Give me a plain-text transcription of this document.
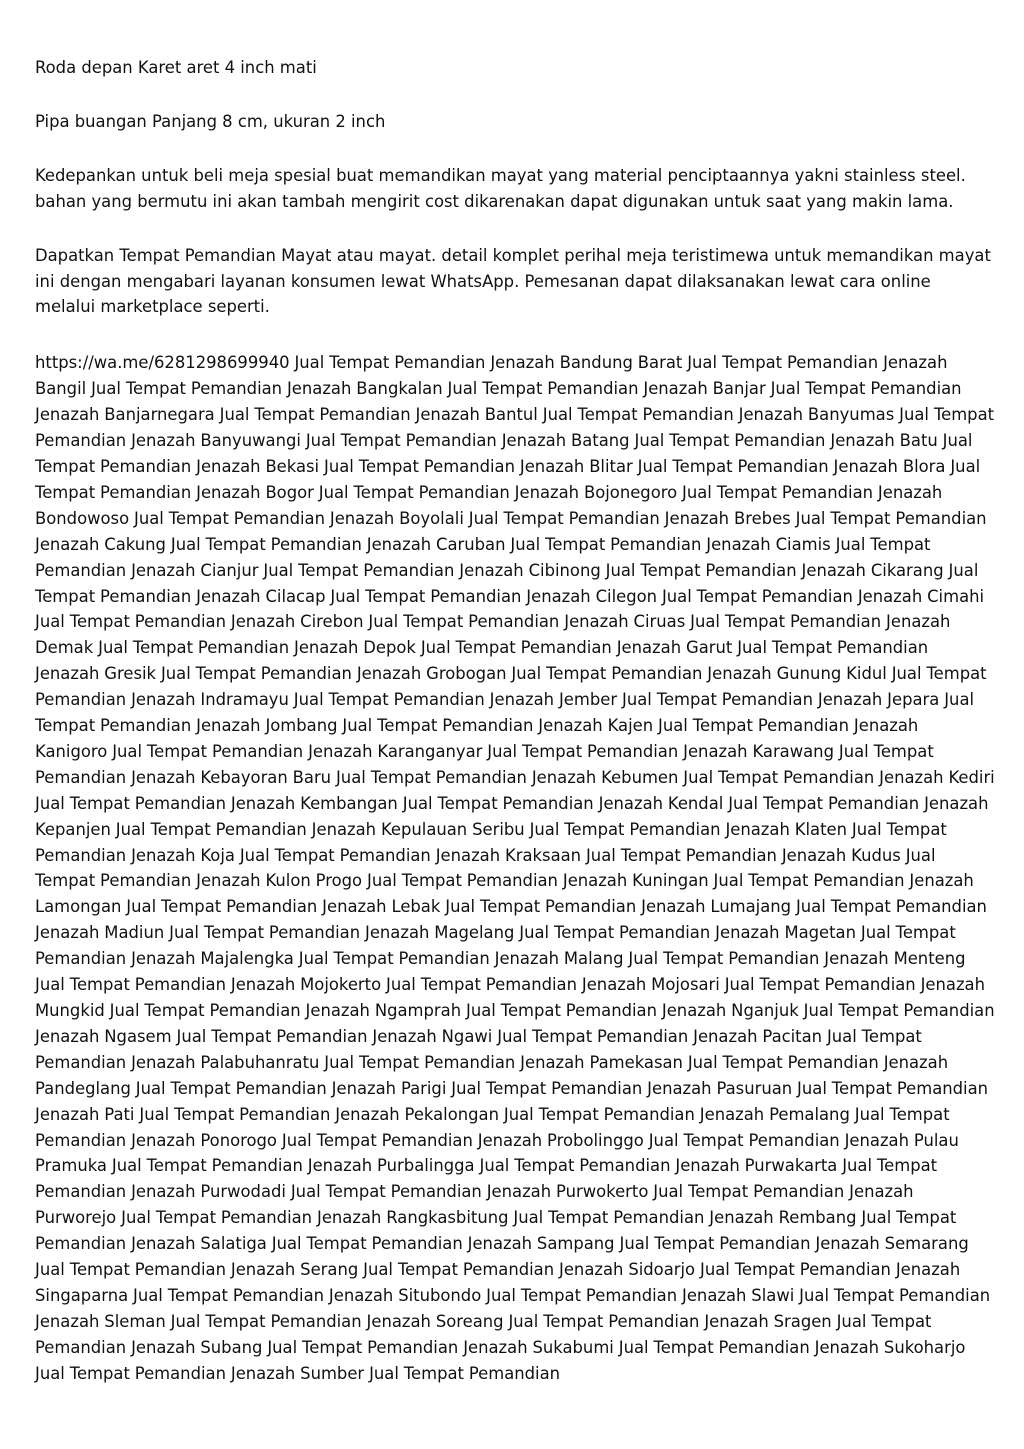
Roda depan Karet aret 4 inch mati

Pipa buangan Panjang 8 cm, ukuran 2 inch

Kedepankan untuk beli meja spesial buat memandikan mayat yang material penciptaannya yakni stainless steel. bahan yang bermutu ini akan tambah mengirit cost dikarenakan dapat digunakan untuk saat yang makin lama.

Dapatkan Tempat Pemandian Mayat atau mayat. detail komplet perihal meja teristimewa untuk memandikan mayat ini dengan mengabari layanan konsumen lewat WhatsApp. Pemesanan dapat dilaksanakan lewat cara online melalui marketplace seperti.

https://wa.me/6281298699940 Jual Tempat Pemandian Jenazah Bandung Barat Jual Tempat Pemandian Jenazah Bangil Jual Tempat Pemandian Jenazah Bangkalan Jual Tempat Pemandian Jenazah Banjar Jual Tempat Pemandian Jenazah Banjarnegara Jual Tempat Pemandian Jenazah Bantul Jual Tempat Pemandian Jenazah Banyumas Jual Tempat Pemandian Jenazah Banyuwangi Jual Tempat Pemandian Jenazah Batang Jual Tempat Pemandian Jenazah Batu Jual Tempat Pemandian Jenazah Bekasi Jual Tempat Pemandian Jenazah Blitar Jual Tempat Pemandian Jenazah Blora Jual Tempat Pemandian Jenazah Bogor Jual Tempat Pemandian Jenazah Bojonegoro Jual Tempat Pemandian Jenazah Bondowoso Jual Tempat Pemandian Jenazah Boyolali Jual Tempat Pemandian Jenazah Brebes Jual Tempat Pemandian Jenazah Cakung Jual Tempat Pemandian Jenazah Caruban Jual Tempat Pemandian Jenazah Ciamis Jual Tempat Pemandian Jenazah Cianjur Jual Tempat Pemandian Jenazah Cibinong Jual Tempat Pemandian Jenazah Cikarang Jual Tempat Pemandian Jenazah Cilacap Jual Tempat Pemandian Jenazah Cilegon Jual Tempat Pemandian Jenazah Cimahi Jual Tempat Pemandian Jenazah Cirebon Jual Tempat Pemandian Jenazah Ciruas Jual Tempat Pemandian Jenazah Demak Jual Tempat Pemandian Jenazah Depok Jual Tempat Pemandian Jenazah Garut Jual Tempat Pemandian Jenazah Gresik Jual Tempat Pemandian Jenazah Grobogan Jual Tempat Pemandian Jenazah Gunung Kidul Jual Tempat Pemandian Jenazah Indramayu Jual Tempat Pemandian Jenazah Jember Jual Tempat Pemandian Jenazah Jepara Jual Tempat Pemandian Jenazah Jombang Jual Tempat Pemandian Jenazah Kajen Jual Tempat Pemandian Jenazah Kanigoro Jual Tempat Pemandian Jenazah Karanganyar Jual Tempat Pemandian Jenazah Karawang Jual Tempat Pemandian Jenazah Kebayoran Baru Jual Tempat Pemandian Jenazah Kebumen Jual Tempat Pemandian Jenazah Kediri Jual Tempat Pemandian Jenazah Kembangan Jual Tempat Pemandian Jenazah Kendal Jual Tempat Pemandian Jenazah Kepanjen Jual Tempat Pemandian Jenazah Kepulauan Seribu Jual Tempat Pemandian Jenazah Klaten Jual Tempat Pemandian Jenazah Koja Jual Tempat Pemandian Jenazah Kraksaan Jual Tempat Pemandian Jenazah Kudus Jual Tempat Pemandian Jenazah Kulon Progo Jual Tempat Pemandian Jenazah Kuningan Jual Tempat Pemandian Jenazah Lamongan Jual Tempat Pemandian Jenazah Lebak Jual Tempat Pemandian Jenazah Lumajang Jual Tempat Pemandian Jenazah Madiun Jual Tempat Pemandian Jenazah Magelang Jual Tempat Pemandian Jenazah Magetan Jual Tempat Pemandian Jenazah Majalengka Jual Tempat Pemandian Jenazah Malang Jual Tempat Pemandian Jenazah Menteng Jual Tempat Pemandian Jenazah Mojokerto Jual Tempat Pemandian Jenazah Mojosari Jual Tempat Pemandian Jenazah Mungkid Jual Tempat Pemandian Jenazah Ngamprah Jual Tempat Pemandian Jenazah Nganjuk Jual Tempat Pemandian Jenazah Ngasem Jual Tempat Pemandian Jenazah Ngawi Jual Tempat Pemandian Jenazah Pacitan Jual Tempat Pemandian Jenazah Palabuhanratu Jual Tempat Pemandian Jenazah Pamekasan Jual Tempat Pemandian Jenazah Pandeglang Jual Tempat Pemandian Jenazah Parigi Jual Tempat Pemandian Jenazah Pasuruan Jual Tempat Pemandian Jenazah Pati Jual Tempat Pemandian Jenazah Pekalongan Jual Tempat Pemandian Jenazah Pemalang Jual Tempat Pemandian Jenazah Ponorogo Jual Tempat Pemandian Jenazah Probolinggo Jual Tempat Pemandian Jenazah Pulau Pramuka Jual Tempat Pemandian Jenazah Purbalingga Jual Tempat Pemandian Jenazah Purwakarta Jual Tempat Pemandian Jenazah Purwodadi Jual Tempat Pemandian Jenazah Purwokerto Jual Tempat Pemandian Jenazah Purworejo Jual Tempat Pemandian Jenazah Rangkasbitung Jual Tempat Pemandian Jenazah Rembang Jual Tempat Pemandian Jenazah Salatiga Jual Tempat Pemandian Jenazah Sampang Jual Tempat Pemandian Jenazah Semarang Jual Tempat Pemandian Jenazah Serang Jual Tempat Pemandian Jenazah Sidoarjo Jual Tempat Pemandian Jenazah Singaparna Jual Tempat Pemandian Jenazah Situbondo Jual Tempat Pemandian Jenazah Slawi Jual Tempat Pemandian Jenazah Sleman Jual Tempat Pemandian Jenazah Soreang Jual Tempat Pemandian Jenazah Sragen Jual Tempat Pemandian Jenazah Subang Jual Tempat Pemandian Jenazah Sukabumi Jual Tempat Pemandian Jenazah Sukoharjo Jual Tempat Pemandian Jenazah Sumber Jual Tempat Pemandian
